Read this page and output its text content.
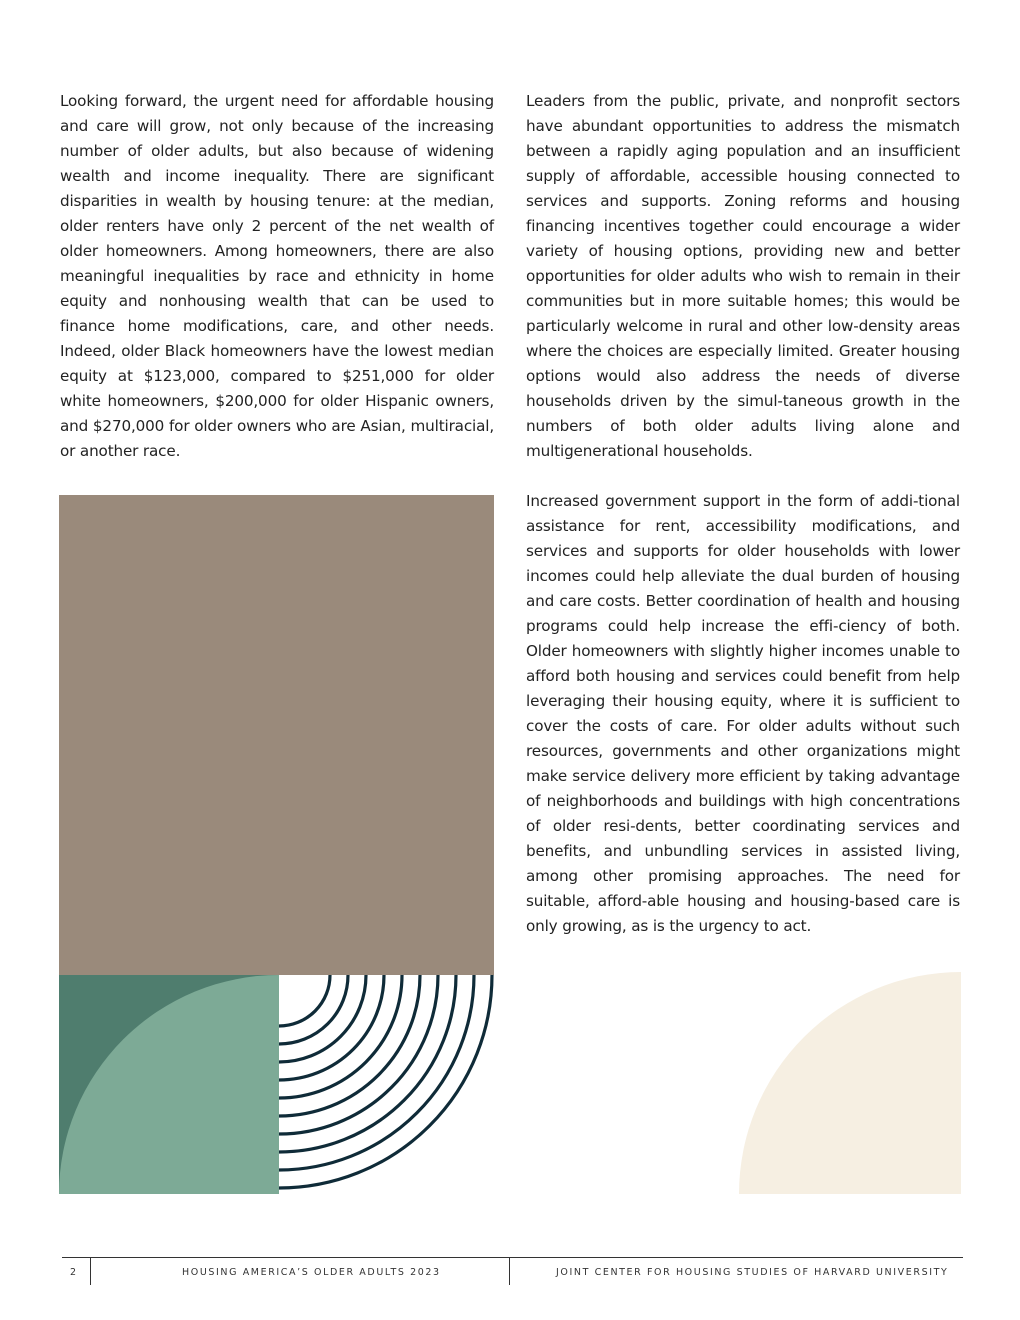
Looking forward, the urgent need for affordable housing and care will grow, not only because of the increasing number of older adults, but also because of widening wealth and income inequality. There are significant disparities in wealth by housing tenure: at the median, older renters have only 2 percent of the net wealth of older homeowners. Among homeowners, there are also meaningful inequalities by race and ethnicity in home equity and nonhousing wealth that can be used to finance home modifications, care, and other needs. Indeed, older Black homeowners have the lowest median equity at $123,000, compared to $251,000 for older white homeowners, $200,000 for older Hispanic owners, and $270,000 for older owners who are Asian, multiracial, or another race.

Leaders from the public, private, and nonprofit sectors have abundant opportunities to address the mismatch between a rapidly aging population and an insufficient supply of affordable, accessible housing connected to services and supports. Zoning reforms and housing financing incentives together could encourage a wider variety of housing options, providing new and better opportunities for older adults who wish to remain in their communities but in more suitable homes; this would be particularly welcome in rural and other low-density areas where the choices are especially limited. Greater housing options would also address the needs of diverse households driven by the simul-taneous growth in the numbers of both older adults living alone and multigenerational households.

Increased government support in the form of addi-tional assistance for rent, accessibility modifications, and services and supports for older households with lower incomes could help alleviate the dual burden of housing and care costs. Better coordination of health and housing programs could help increase the effi-ciency of both. Older homeowners with slightly higher incomes unable to afford both housing and services could benefit from help leveraging their housing equity, where it is sufficient to cover the costs of care. For older adults without such resources, governments and other organizations might make service delivery more efficient by taking advantage of neighborhoods and buildings with high concentrations of older resi-dents, better coordinating services and benefits, and unbundling services in assisted living, among other promising approaches. The need for suitable, afford-able housing and housing-based care is only growing, as is the urgency to act.

2	HOUSING AMERICA’S OLDER ADULTS 2023	JOINT CENTER FOR HOUSING STUDIES OF HARVARD UNIVERSITY
